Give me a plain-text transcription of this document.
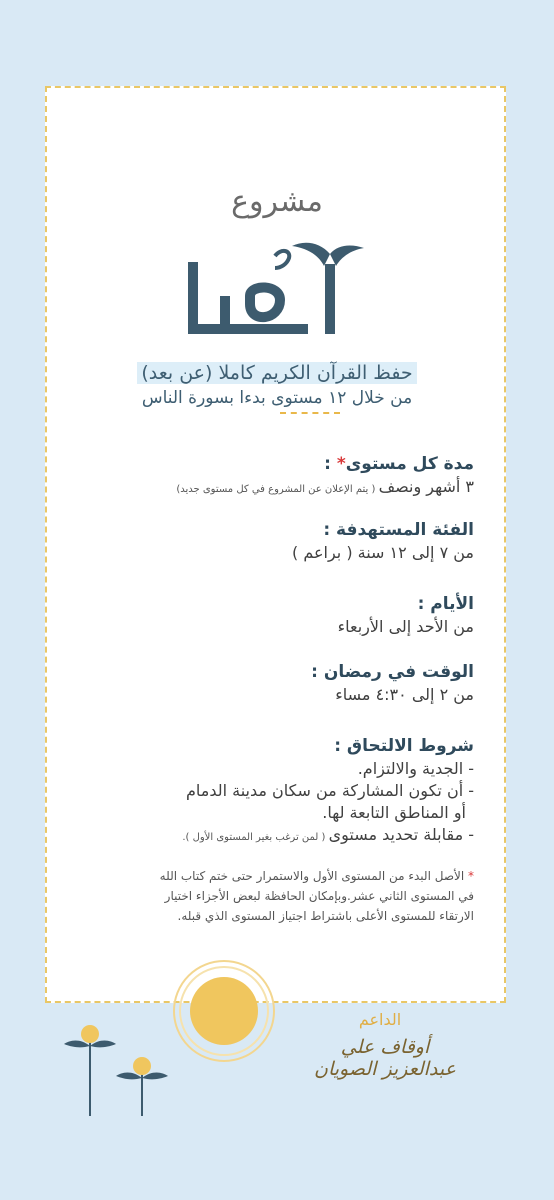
مشروع
حفظ القرآن الكريم كاملا (عن بعد)
من خلال ١٢ مستوى بدءا بسورة الناس
مدة كل مستوى* :
٣ أشهر ونصف ( يتم الإعلان عن المشروع في كل مستوى جديد)
الفئة المستهدفة :
من ٧ إلى ١٢ سنة ( براعم )
الأيام :
من الأحد إلى الأربعاء
الوقت في رمضان :
من ٢ إلى ٤:٣٠ مساء
شروط الالتحاق :
- الجدية والالتزام.
- أن تكون المشاركة من سكان مدينة الدمام
أو المناطق التابعة لها.
- مقابلة تحديد مستوى ( لمن ترغب بغير المستوى الأول ).
* الأصل البدء من المستوى الأول والاستمرار حتى ختم كتاب الله
في المستوى الثاني عشر.وبإمكان الحافظة لبعض الأجزاء اختيار
الارتقاء للمستوى الأعلى باشتراط اجتياز المستوى الذي قبله.
الداعم
أوقاف علي عبدالعزيز الصويان
